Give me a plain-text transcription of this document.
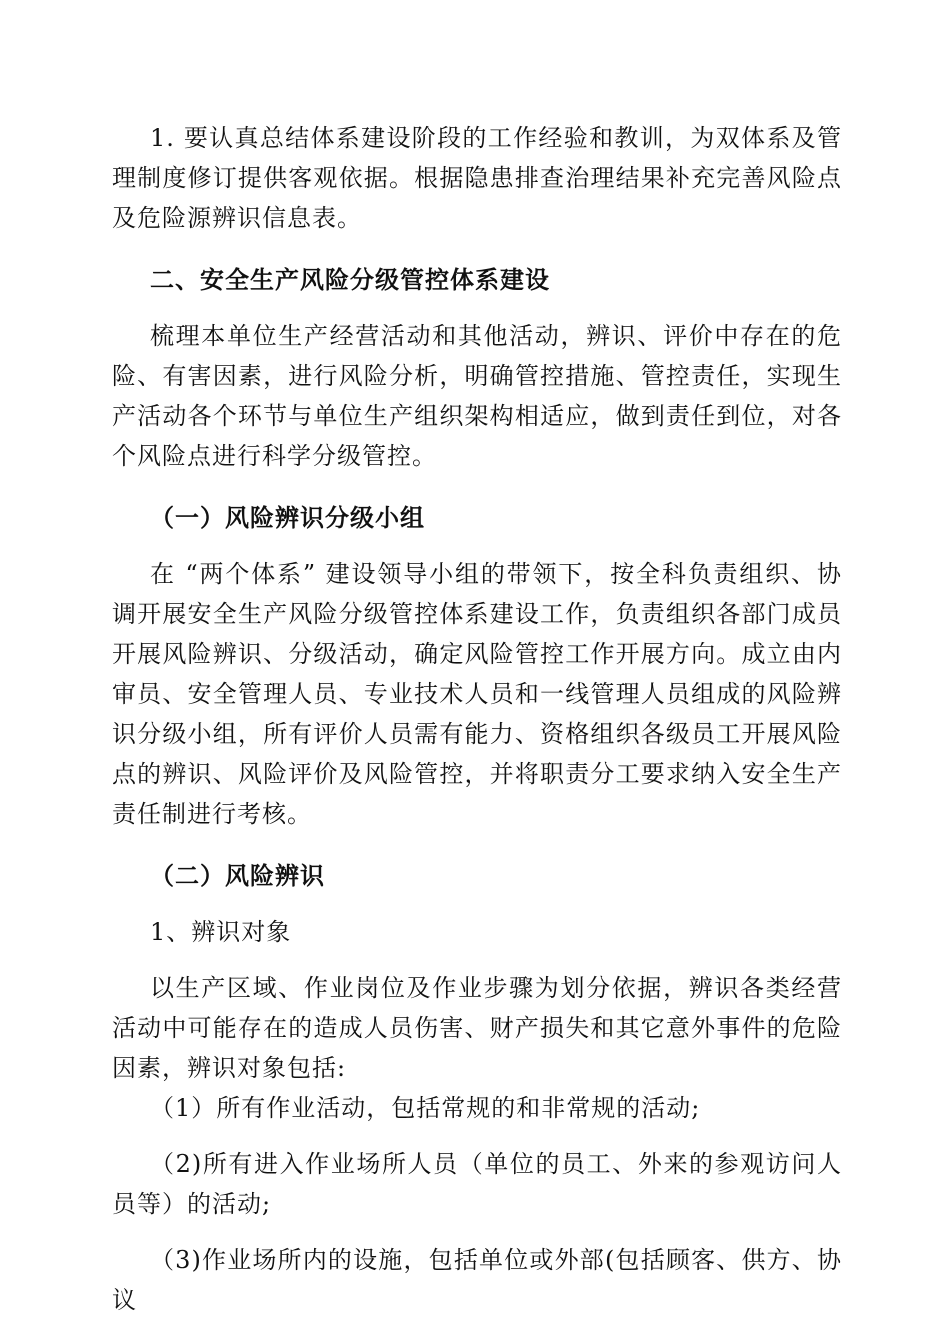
1. 要认真总结体系建设阶段的工作经验和教训，为双体系及管理制度修订提供客观依据。根据隐患排查治理结果补充完善风险点及危险源辨识信息表。

二、安全生产风险分级管控体系建设

梳理本单位生产经营活动和其他活动，辨识、评价中存在的危险、有害因素，进行风险分析，明确管控措施、管控责任，实现生产活动各个环节与单位生产组织架构相适应，做到责任到位，对各个风险点进行科学分级管控。

（一）风险辨识分级小组

在 “两个体系” 建设领导小组的带领下，按全科负责组织、协调开展安全生产风险分级管控体系建设工作，负责组织各部门成员开展风险辨识、分级活动，确定风险管控工作开展方向。成立由内审员、安全管理人员、专业技术人员和一线管理人员组成的风险辨识分级小组，所有评价人员需有能力、资格组织各级员工开展风险点的辨识、风险评价及风险管控，并将职责分工要求纳入安全生产责任制进行考核。

（二）风险辨识

1、辨识对象

以生产区域、作业岗位及作业步骤为划分依据，辨识各类经营活动中可能存在的造成人员伤害、财产损失和其它意外事件的危险因素，辨识对象包括:

（1）所有作业活动，包括常规的和非常规的活动;

（2)所有进入作业场所人员（单位的员工、外来的参观访问人员等）的活动;

（3)作业场所内的设施，包括单位或外部(包括顾客、供方、协议
